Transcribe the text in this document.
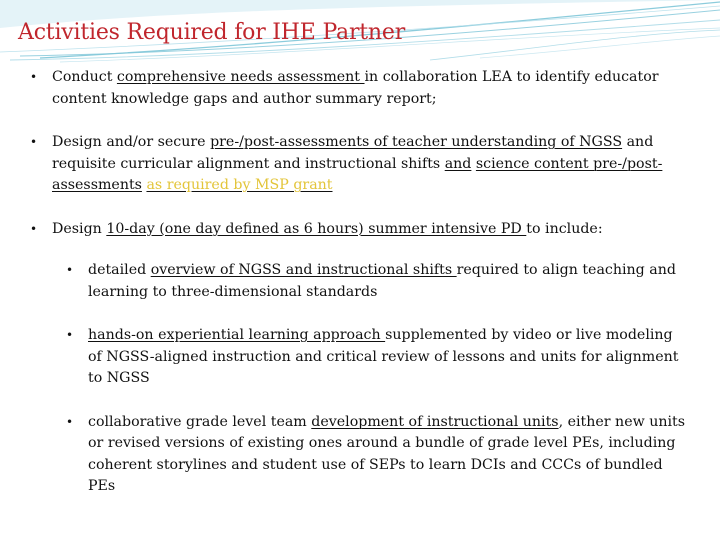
Activities Required for IHE Partner
• Conduct comprehensive needs assessment in collaboration LEA to identify educator content knowledge gaps and author summary report;
• Design and/or secure pre-/post-assessments of teacher understanding of NGSS and requisite curricular alignment and instructional shifts and science content pre-/post-assessments as required by MSP grant
• Design 10-day (one day defined as 6 hours) summer intensive PD to include:
• detailed overview of NGSS and instructional shifts required to align teaching and learning to three-dimensional standards
• hands-on experiential learning approach supplemented by video or live modeling of NGSS-aligned instruction and critical review of lessons and units for alignment to NGSS
• collaborative grade level team development of instructional units, either new units or revised versions of existing ones around a bundle of grade level PEs, including coherent storylines and student use of SEPs to learn DCIs and CCCs of bundled PEs
